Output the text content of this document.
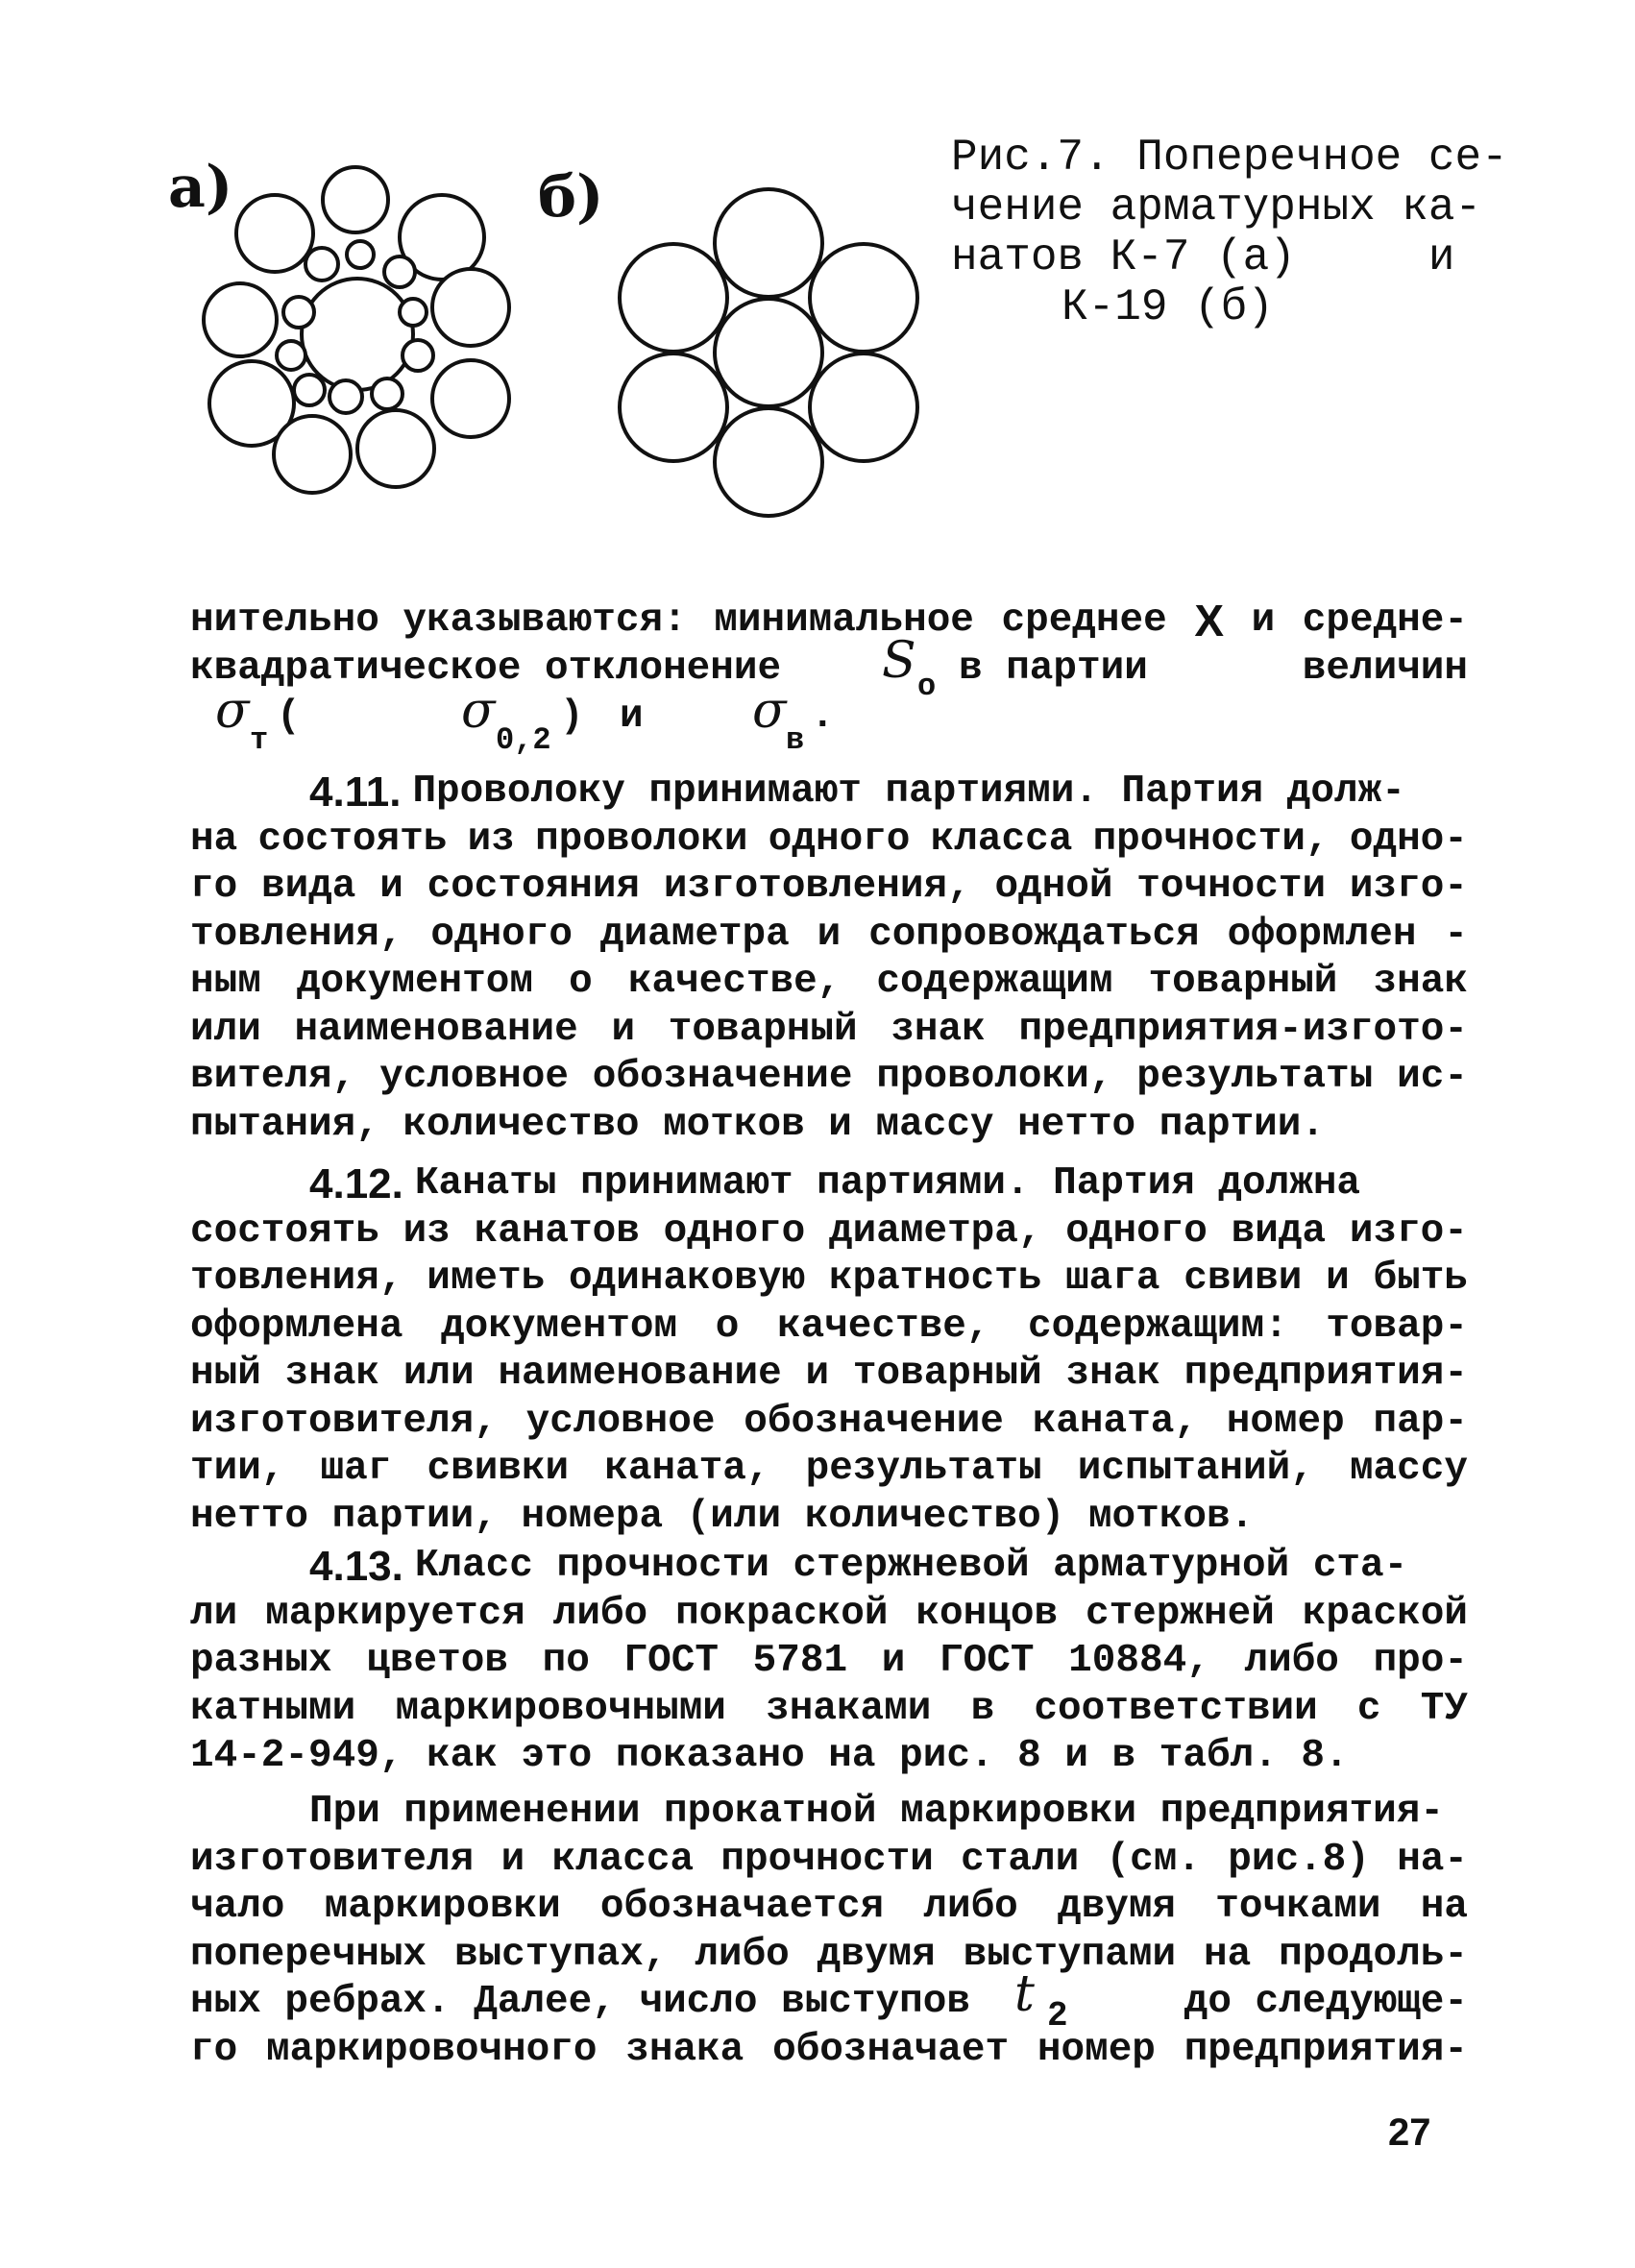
a)	б)
Рис.7. Поперечное се-
чение арматурных ка-
натов К-7 (а)     и
К-19 (б)
нительно указываются: минимальное среднее X и средне-
квадратическое отклонение S о в партии	величин
σ
т
(	σ
0,2
) и σ
в
.
4.11. Проволоку принимают партиями. Партия долж-
на состоять из проволоки одного класса прочности, одно-
го вида и состояния изготовления, одной точности изго-
товления, одного диаметра и сопровождаться оформлен -
ным документом о качестве, содержащим товарный знак
или наименование и товарный знак предприятия-изгото-
вителя, условное обозначение проволоки, результаты ис-
пытания, количество мотков и массу нетто партии.
4.12. Канаты принимают партиями. Партия должна
состоять из канатов одного диаметра, одного вида изго-
товления, иметь одинаковую кратность шага свиви и быть
оформлена документом о качестве, содержащим: товар-
ный знак или наименование и товарный знак предприятия-
изготовителя, условное обозначение каната, номер пар-
тии, шаг свивки каната, результаты испытаний, массу
нетто партии, номера (или количество) мотков.
4.13. Класс прочности стержневой арматурной ста-
ли маркируется либо покраской концов стержней краской
разных цветов по ГОСТ 5781 и ГОСТ 10884, либо про-
катными маркировочными знаками в соответствии с ТУ
14-2-949, как это показано на рис. 8 и в табл. 8.
При применении прокатной маркировки предприятия-
изготовителя и класса прочности стали (см. рис.8) на-
чало маркировки обозначается либо двумя точками на
поперечных выступах, либо двумя выступами на продоль-
ных ребрах. Далее, число выступов t 2	до следующе-
го маркировочного знака обозначает номер предприятия-
27
